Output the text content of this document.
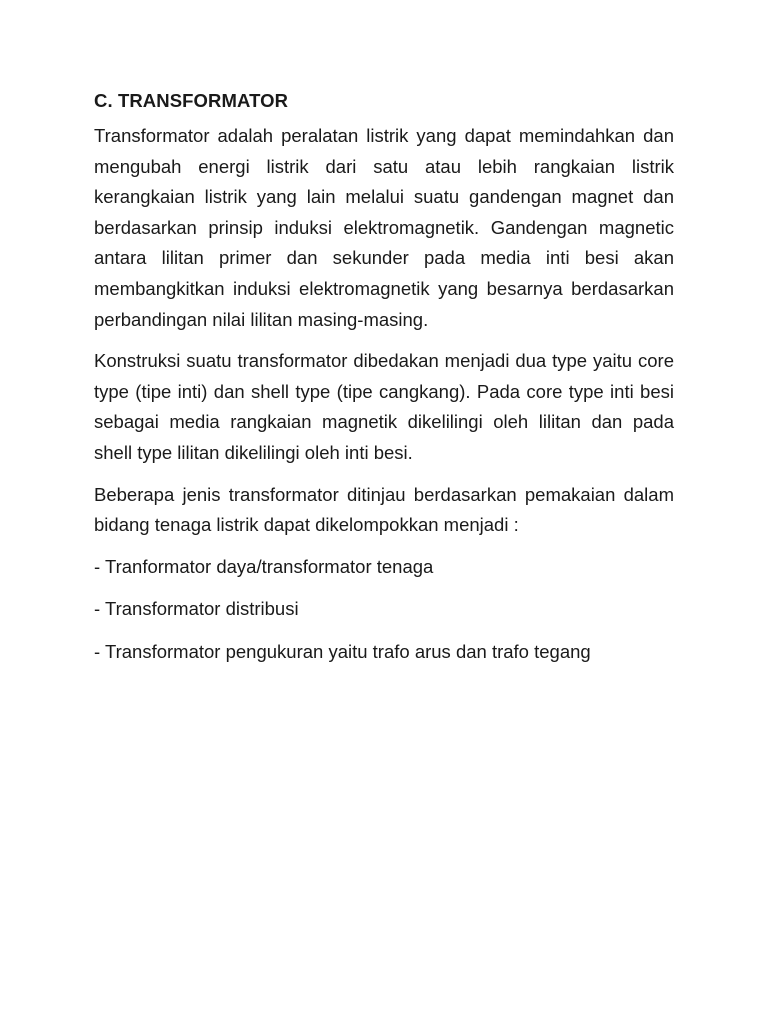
C. TRANSFORMATOR

Transformator adalah peralatan listrik yang dapat memindahkan dan mengubah energi listrik dari satu atau lebih rangkaian listrik kerangkaian listrik yang lain melalui suatu gandengan magnet dan berdasarkan prinsip induksi elektromagnetik. Gandengan magnetic antara lilitan primer dan sekunder pada media inti besi akan membangkitkan induksi elektromagnetik yang besarnya berdasarkan perbandingan nilai lilitan masing-masing.

Konstruksi suatu transformator dibedakan menjadi dua type yaitu core type (tipe inti) dan shell type (tipe cangkang). Pada core type inti besi sebagai media rangkaian magnetik dikelilingi oleh lilitan dan pada shell type lilitan dikelilingi oleh inti besi.

Beberapa jenis transformator ditinjau berdasarkan pemakaian dalam bidang tenaga listrik dapat dikelompokkan menjadi :

- Tranformator daya/transformator tenaga
- Transformator distribusi
- Transformator pengukuran yaitu trafo arus dan trafo tegang
